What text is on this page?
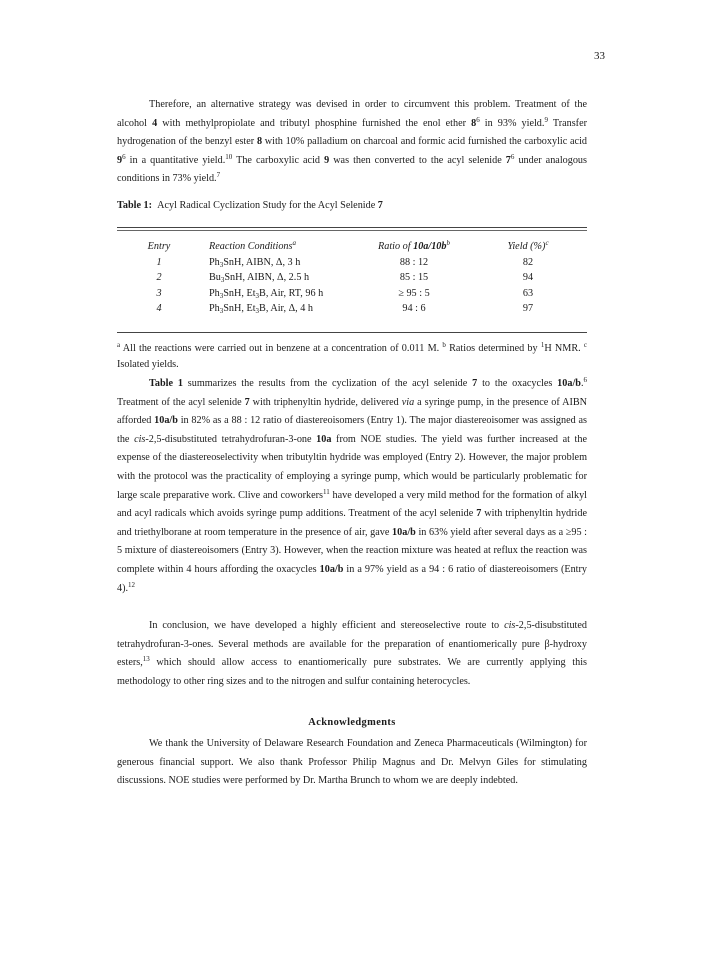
33

Therefore, an alternative strategy was devised in order to circumvent this problem. Treatment of the alcohol 4 with methylpropiolate and tributyl phosphine furnished the enol ether $8^6$ in 93% yield.$^9$ Transfer hydrogenation of the benzyl ester 8 with 10% palladium on charcoal and formic acid furnished the carboxylic acid $9^6$ in a quantitative yield.$^{10}$ The carboxylic acid 9 was then converted to the acyl selenide $7^6$ under analogous conditions in 73% yield.$^7$

Table 1: Acyl Radical Cyclization Study for the Acyl Selenide 7
Entry	Reaction Conditions$^a$	Ratio of $10a/10b^b$	Yield (%)$^c$
1	$Ph_3SnH$, AIBN, Δ, 3 h	88 : 12	82
2	$Bu_3SnH$, AIBN, Δ, 2.5 h	85 : 15	94
3	$Ph_3SnH$, $Et_3B$, Air, RT, 96 h	≥ 95 : 5	63
4	$Ph_3SnH$, $Et_3B$, Air, Δ, 4 h	94 : 6	97
$^a$ All the reactions were carried out in benzene at a concentration of 0.011 M. $^b$ Ratios determined by $^1$H NMR. $^c$ Isolated yields.

Table 1 summarizes the results from the cyclization of the acyl selenide 7 to the oxacycles 10a/b.$^6$ Treatment of the acyl selenide 7 with triphenyltin hydride, delivered via a syringe pump, in the presence of AIBN afforded 10a/b in 82% as a 88 : 12 ratio of diastereoisomers (Entry 1). The major diastereoisomer was assigned as the cis-2,5-disubstituted tetrahydrofuran-3-one 10a from NOE studies. The yield was further increased at the expense of the diastereoselectivity when tributyltin hydride was employed (Entry 2). However, the major problem with the protocol was the practicality of employing a syringe pump, which would be particularly problematic for large scale preparative work. Clive and coworkers$^{11}$ have developed a very mild method for the formation of alkyl and acyl radicals which avoids syringe pump additions. Treatment of the acyl selenide 7 with triphenyltin hydride and triethylborane at room temperature in the presence of air, gave 10a/b in 63% yield after several days as a ≥95 : 5 mixture of diastereoisomers (Entry 3). However, when the reaction mixture was heated at reflux the reaction was complete within 4 hours affording the oxacycles 10a/b in a 97% yield as a 94 : 6 ratio of diastereoisomers (Entry 4).$^{12}$

In conclusion, we have developed a highly efficient and stereoselective route to cis-2,5-disubstituted tetrahydrofuran-3-ones. Several methods are available for the preparation of enantiomerically pure β-hydroxy esters,$^{13}$ which should allow access to enantiomerically pure substrates. We are currently applying this methodology to other ring sizes and to the nitrogen and sulfur containing heterocycles.

Acknowledgments

We thank the University of Delaware Research Foundation and Zeneca Pharmaceuticals (Wilmington) for generous financial support. We also thank Professor Philip Magnus and Dr. Melvyn Giles for stimulating discussions. NOE studies were performed by Dr. Martha Brunch to whom we are deeply indebted.
